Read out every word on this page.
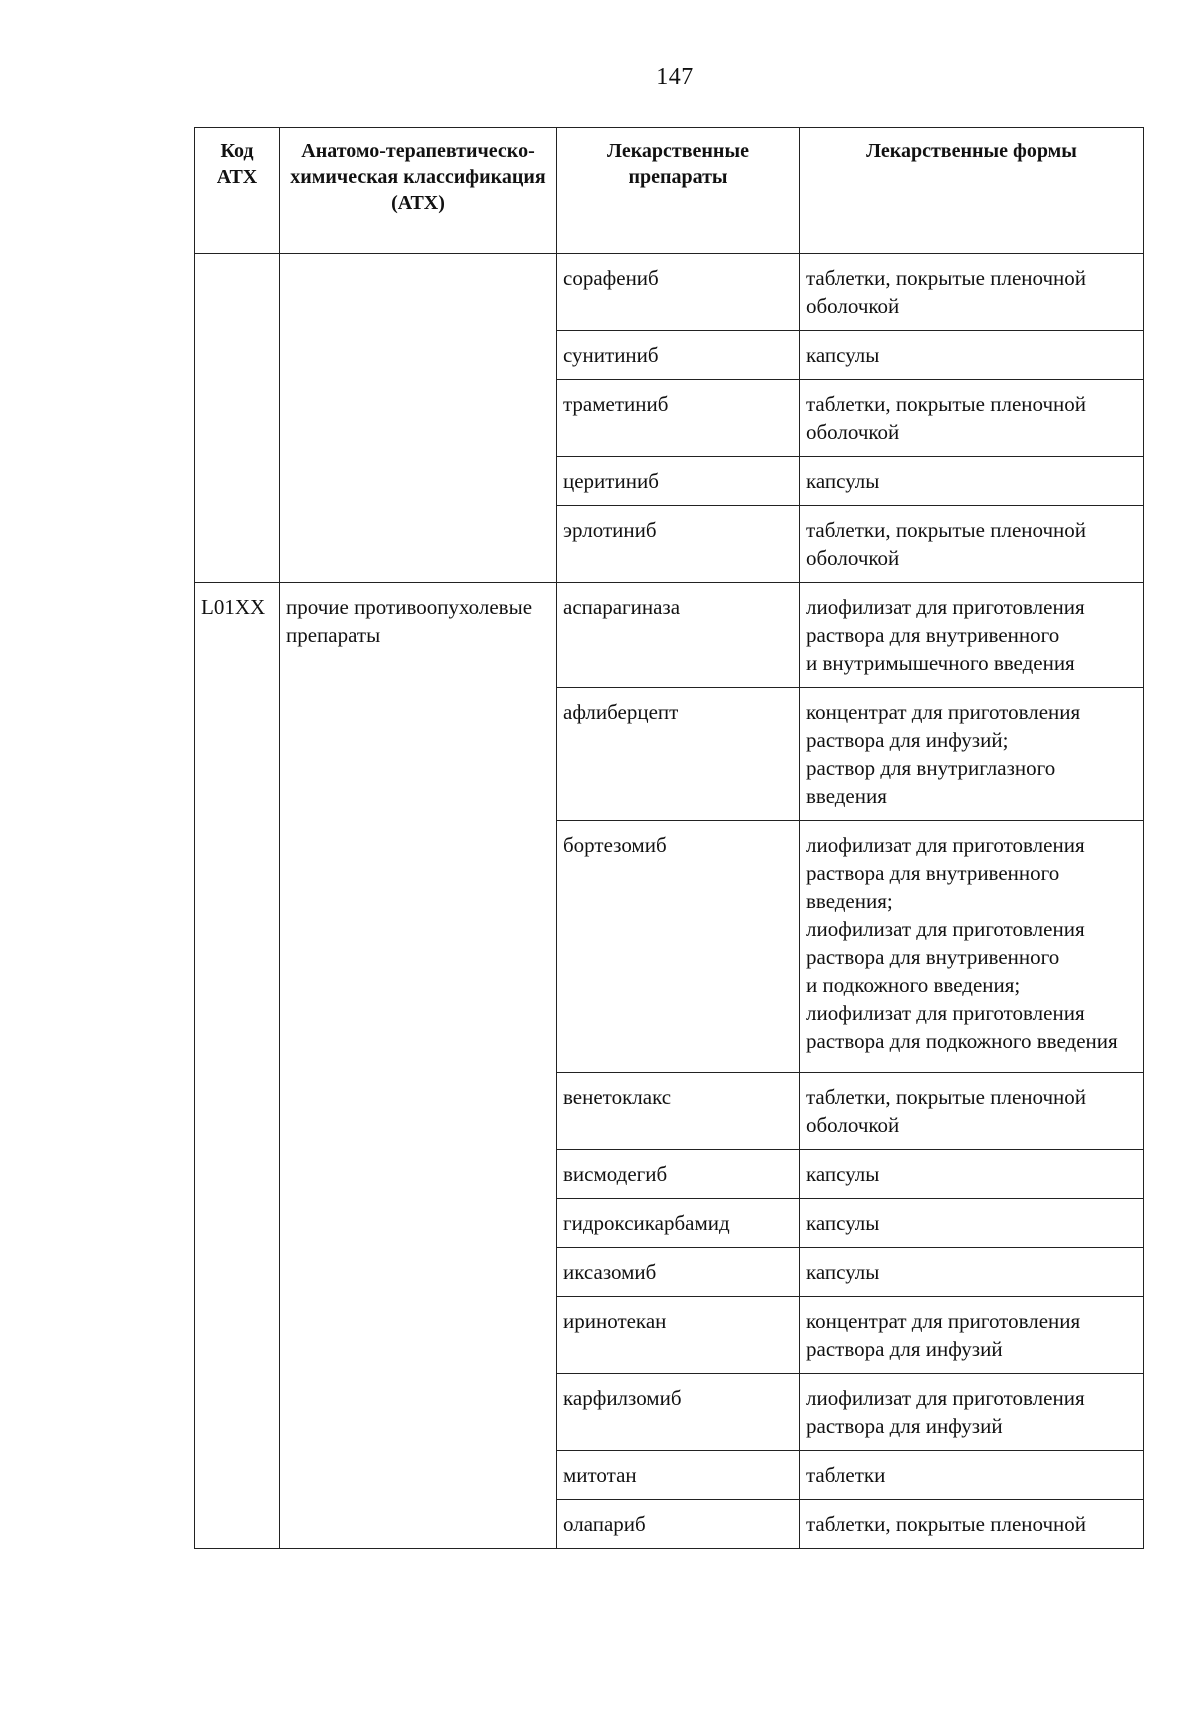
147
Код АТХ	Анатомо-терапевтическо-химическая классификация (АТХ)	Лекарственные препараты	Лекарственные формы
		сорафениб	таблетки, покрытые пленочной оболочкой
		сунитиниб	капсулы
		траметиниб	таблетки, покрытые пленочной оболочкой
		церитиниб	капсулы
		эрлотиниб	таблетки, покрытые пленочной оболочкой
L01XX	прочие противоопухолевые препараты	аспарагиназа	лиофилизат для приготовления раствора для внутривенного
и внутримышечного введения
		афлиберцепт	концентрат для приготовления раствора для инфузий;
раствор для внутриглазного введения
		бортезомиб	лиофилизат для приготовления раствора для внутривенного введения;
лиофилизат для приготовления раствора для внутривенного
и подкожного введения;
лиофилизат для приготовления раствора для подкожного введения
		венетоклакс	таблетки, покрытые пленочной оболочкой
		висмодегиб	капсулы
		гидроксикарбамид	капсулы
		иксазомиб	капсулы
		иринотекан	концентрат для приготовления раствора для инфузий
		карфилзомиб	лиофилизат для приготовления раствора для инфузий
		митотан	таблетки
		олапариб	таблетки, покрытые пленочной
